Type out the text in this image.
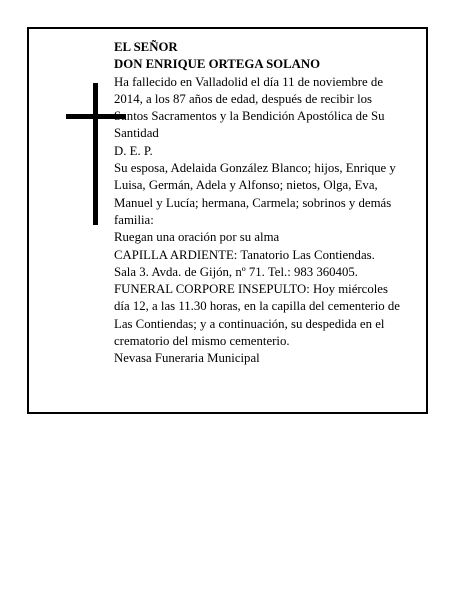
EL SEÑOR
DON ENRIQUE ORTEGA SOLANO
Ha fallecido en Valladolid el día 11 de noviembre de
2014, a los 87 años de edad, después de recibir los
Santos Sacramentos y la Bendición Apostólica de Su
Santidad
D. E. P.
Su esposa, Adelaida González Blanco; hijos, Enrique y
Luisa, Germán, Adela y Alfonso; nietos, Olga, Eva,
Manuel y Lucía; hermana, Carmela; sobrinos y demás
familia:
Ruegan una oración por su alma
CAPILLA ARDIENTE: Tanatorio Las Contiendas.
Sala 3. Avda. de Gijón, nº 71. Tel.: 983 360405.
FUNERAL CORPORE INSEPULTO: Hoy miércoles
día 12, a las 11.30 horas, en la capilla del cementerio de
Las Contiendas; y a continuación, su despedida en el
crematorio del mismo cementerio.
Nevasa Funeraria Municipal
